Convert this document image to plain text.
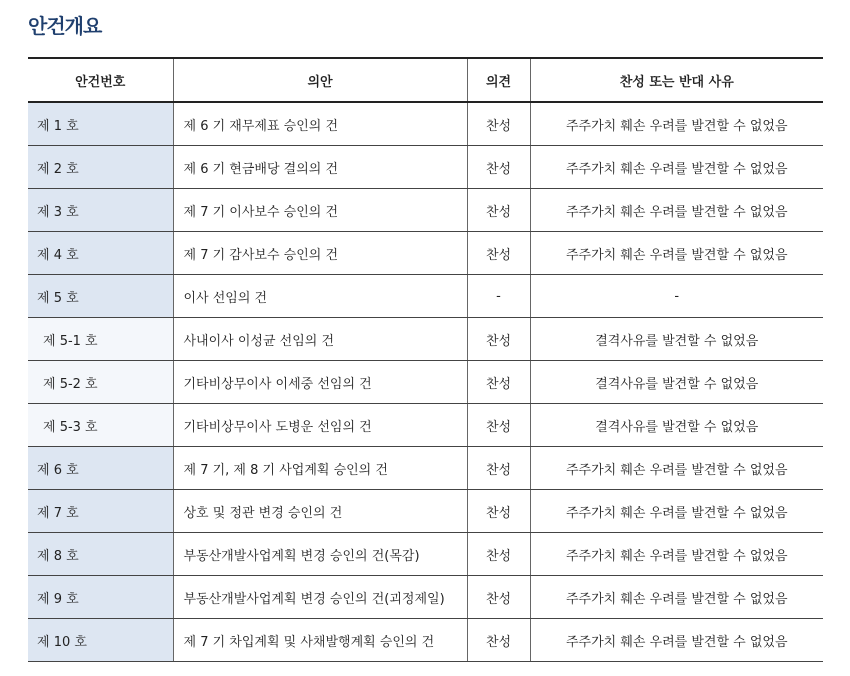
안건개요
안건번호	의안	의견	찬성 또는 반대 사유
제 1 호	제 6 기 재무제표 승인의 건	찬성	주주가치 훼손 우려를 발견할 수 없었음
제 2 호	제 6 기 현금배당 결의의 건	찬성	주주가치 훼손 우려를 발견할 수 없었음
제 3 호	제 7 기 이사보수 승인의 건	찬성	주주가치 훼손 우려를 발견할 수 없었음
제 4 호	제 7 기 감사보수 승인의 건	찬성	주주가치 훼손 우려를 발견할 수 없었음
제 5 호	이사 선임의 건	-	-
제 5-1 호	사내이사 이성균 선임의 건	찬성	결격사유를 발견할 수 없었음
제 5-2 호	기타비상무이사 이세중 선임의 건	찬성	결격사유를 발견할 수 없었음
제 5-3 호	기타비상무이사 도병운 선임의 건	찬성	결격사유를 발견할 수 없었음
제 6 호	제 7 기, 제 8 기 사업계획 승인의 건	찬성	주주가치 훼손 우려를 발견할 수 없었음
제 7 호	상호 및 정관 변경 승인의 건	찬성	주주가치 훼손 우려를 발견할 수 없었음
제 8 호	부동산개발사업계획 변경 승인의 건(목감)	찬성	주주가치 훼손 우려를 발견할 수 없었음
제 9 호	부동산개발사업계획 변경 승인의 건(괴정제일)	찬성	주주가치 훼손 우려를 발견할 수 없었음
제 10 호	제 7 기 차입계획 및 사채발행계획 승인의 건	찬성	주주가치 훼손 우려를 발견할 수 없었음
